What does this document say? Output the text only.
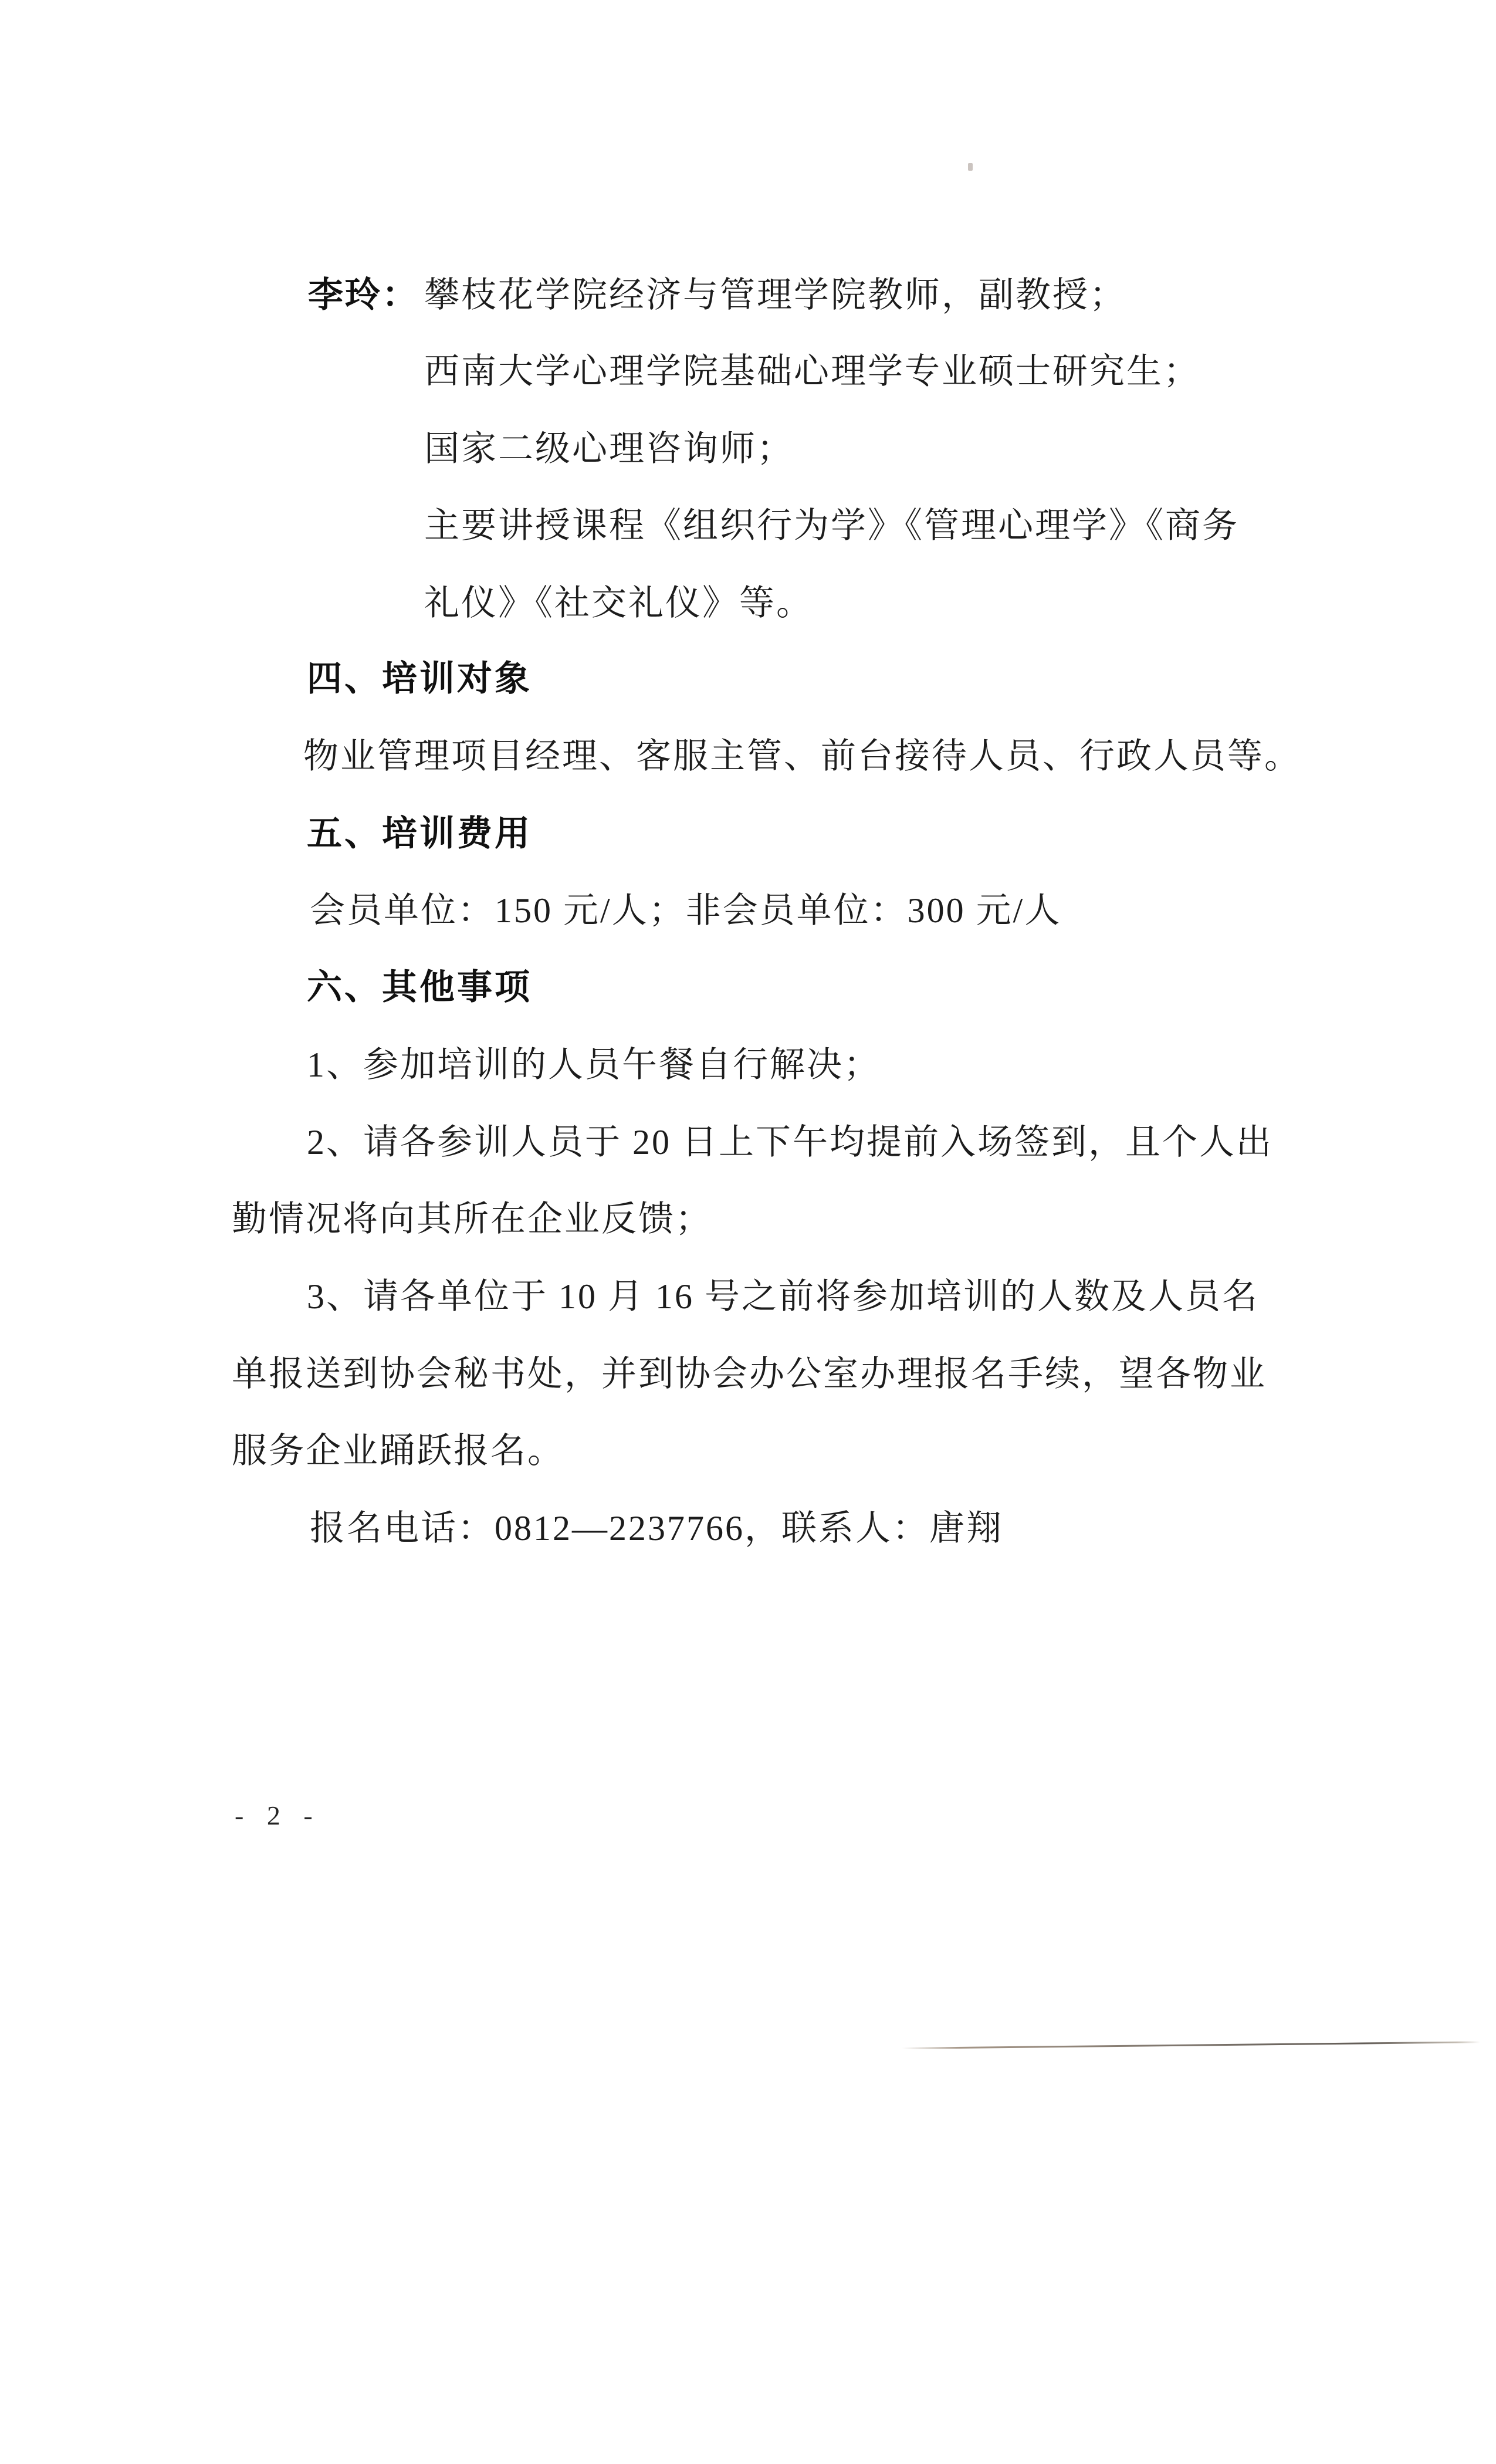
李玲： 攀枝花学院经济与管理学院教师，副教授；
西南大学心理学院基础心理学专业硕士研究生；
国家二级心理咨询师；
主要讲授课程《组织行为学》《管理心理学》《商务
礼仪》《社交礼仪》等。
四、培训对象
物业管理项目经理、客服主管、前台接待人员、行政人员等。
五、培训费用
会员单位：150 元/人；非会员单位：300 元/人
六、其他事项
1、参加培训的人员午餐自行解决；
2、请各参训人员于 20 日上下午均提前入场签到，且个人出
勤情况将向其所在企业反馈；
3、请各单位于 10 月 16 号之前将参加培训的人数及人员名
单报送到协会秘书处，并到协会办公室办理报名手续，望各物业
服务企业踊跃报名。
报名电话：0812—2237766，联系人：唐翔
- 2 -
